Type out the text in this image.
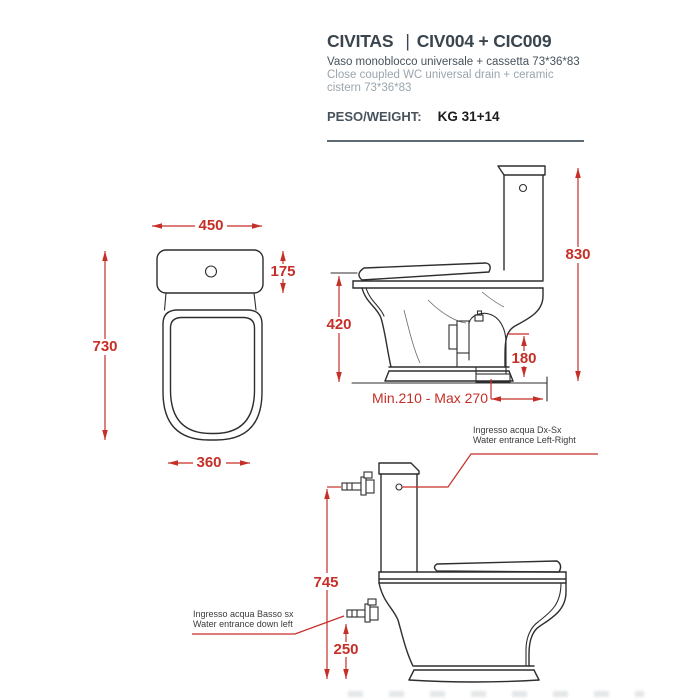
CIVITAS | CIV004 + CIC009

Vaso monoblocco universale + cassetta 73*36*83

Close coupled WC universal drain + ceramic cistern 73*36*83

PESO/WEIGHT: KG 31+14

450
175
730
360
830
420
180
Min.210 - Max 270
745
250
Ingresso acqua Dx-Sx
Water entrance Left-Right
Ingresso acqua Basso sx
Water entrance down left
